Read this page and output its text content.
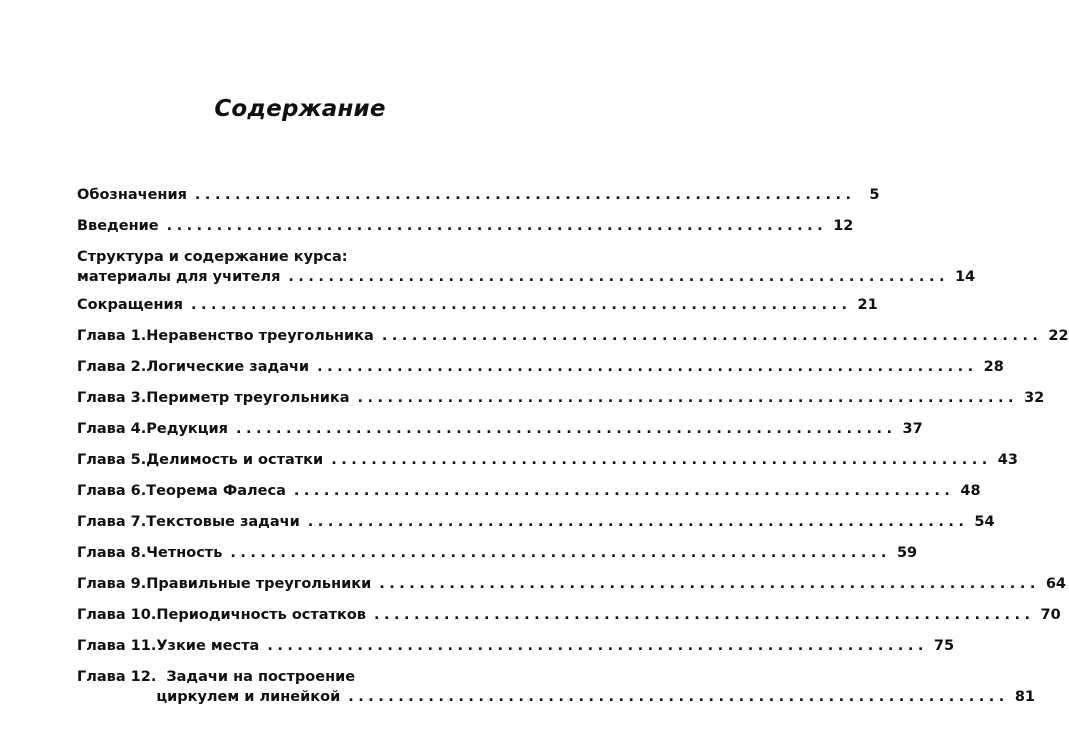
Содержание
Обозначения .................................................................. 5
Введение .................................................................. 12
Структура и содержание курса:
материалы для учителя .................................................................. 14
Сокращения .................................................................. 21
Глава 1. Неравенство треугольника .................................................................. 22
Глава 2. Логические задачи .................................................................. 28
Глава 3. Периметр треугольника .................................................................. 32
Глава 4. Редукция .................................................................. 37
Глава 5. Делимость и остатки .................................................................. 43
Глава 6. Теорема Фалеса .................................................................. 48
Глава 7. Текстовые задачи .................................................................. 54
Глава 8. Четность .................................................................. 59
Глава 9. Правильные треугольники .................................................................. 64
Глава 10. Периодичность остатков .................................................................. 70
Глава 11. Узкие места .................................................................. 75
Глава 12. Задачи на построение
циркулем и линейкой .................................................................. 81
